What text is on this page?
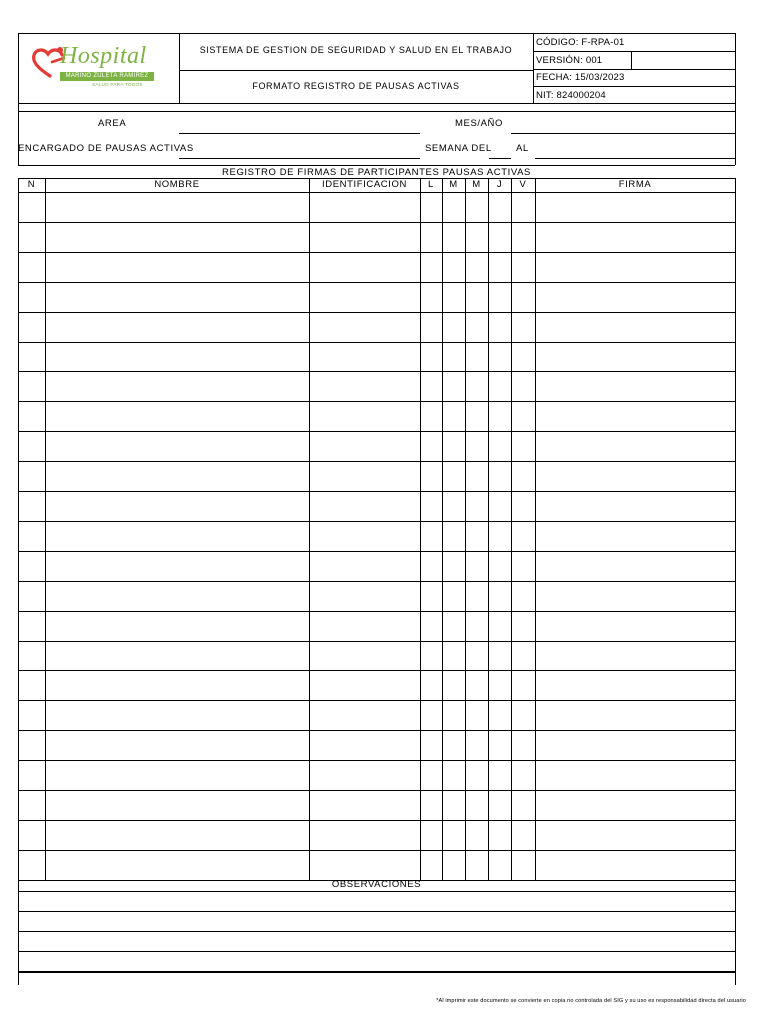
Hospital
MARINO ZULETA RAMIREZ
SALUD PARA TODOS
SISTEMA DE GESTION DE SEGURIDAD Y SALUD EN EL TRABAJO
FORMATO REGISTRO DE PAUSAS ACTIVAS
CÓDIGO: F-RPA-01
VERSIÓN: 001
FECHA: 15/03/2023
NIT: 824000204
AREA	MES/AÑO
ENCARGADO DE PAUSAS ACTIVAS	SEMANA DEL	AL
REGISTRO DE FIRMAS DE PARTICIPANTES PAUSAS ACTIVAS
N	NOMBRE	IDENTIFICACION	L	M	M	J	V	FIRMA
OBSERVACIONES
*Al imprimir este documento se convierte en copia no controlada del SIG y su uso es responsabilidad directa del usuario
